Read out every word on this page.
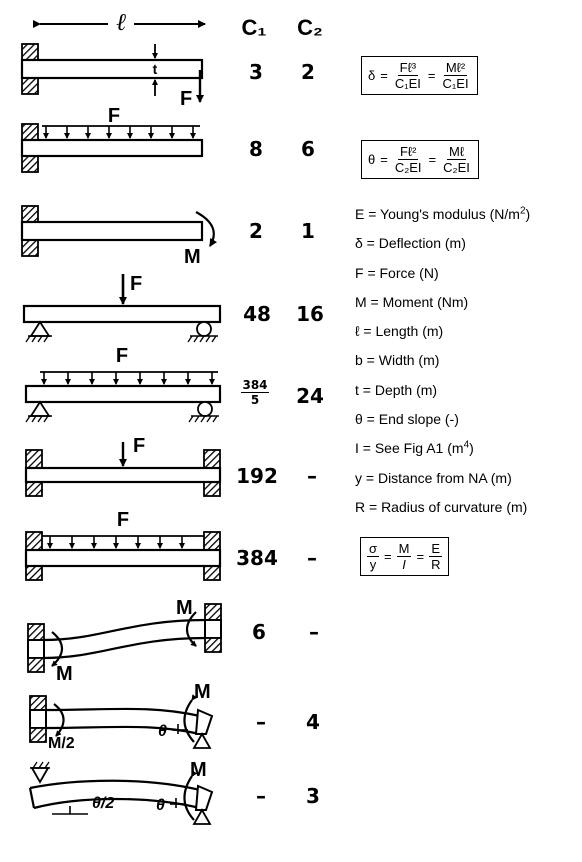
ℓ
t
F
F
M
F
F
F
F
M
M
M/2
θ
M
θ/2	θ
M
C₁	C₂
3	2
8	6
2	1
48	16
$\frac{384}{5}$	24
192	–
384	–
6	–
–	4
–	3
δ =
Fℓ³
C₁EI
=
Mℓ²
C₁EI
θ =
Fℓ²
C₂EI
=
Mℓ
C₂EI
$\frac{\sigma}{y} = \frac{M}{I} = \frac{E}{R}$
E = Young's modulus $(N/m^2)$
δ = Deflection (m)
F = Force (N)
M = Moment (Nm)
ℓ = Length (m)
b = Width (m)
t = Depth (m)
θ = End slope (-)
I = See Fig A1 $(m^4)$
y = Distance from NA (m)
R = Radius of curvature (m)
